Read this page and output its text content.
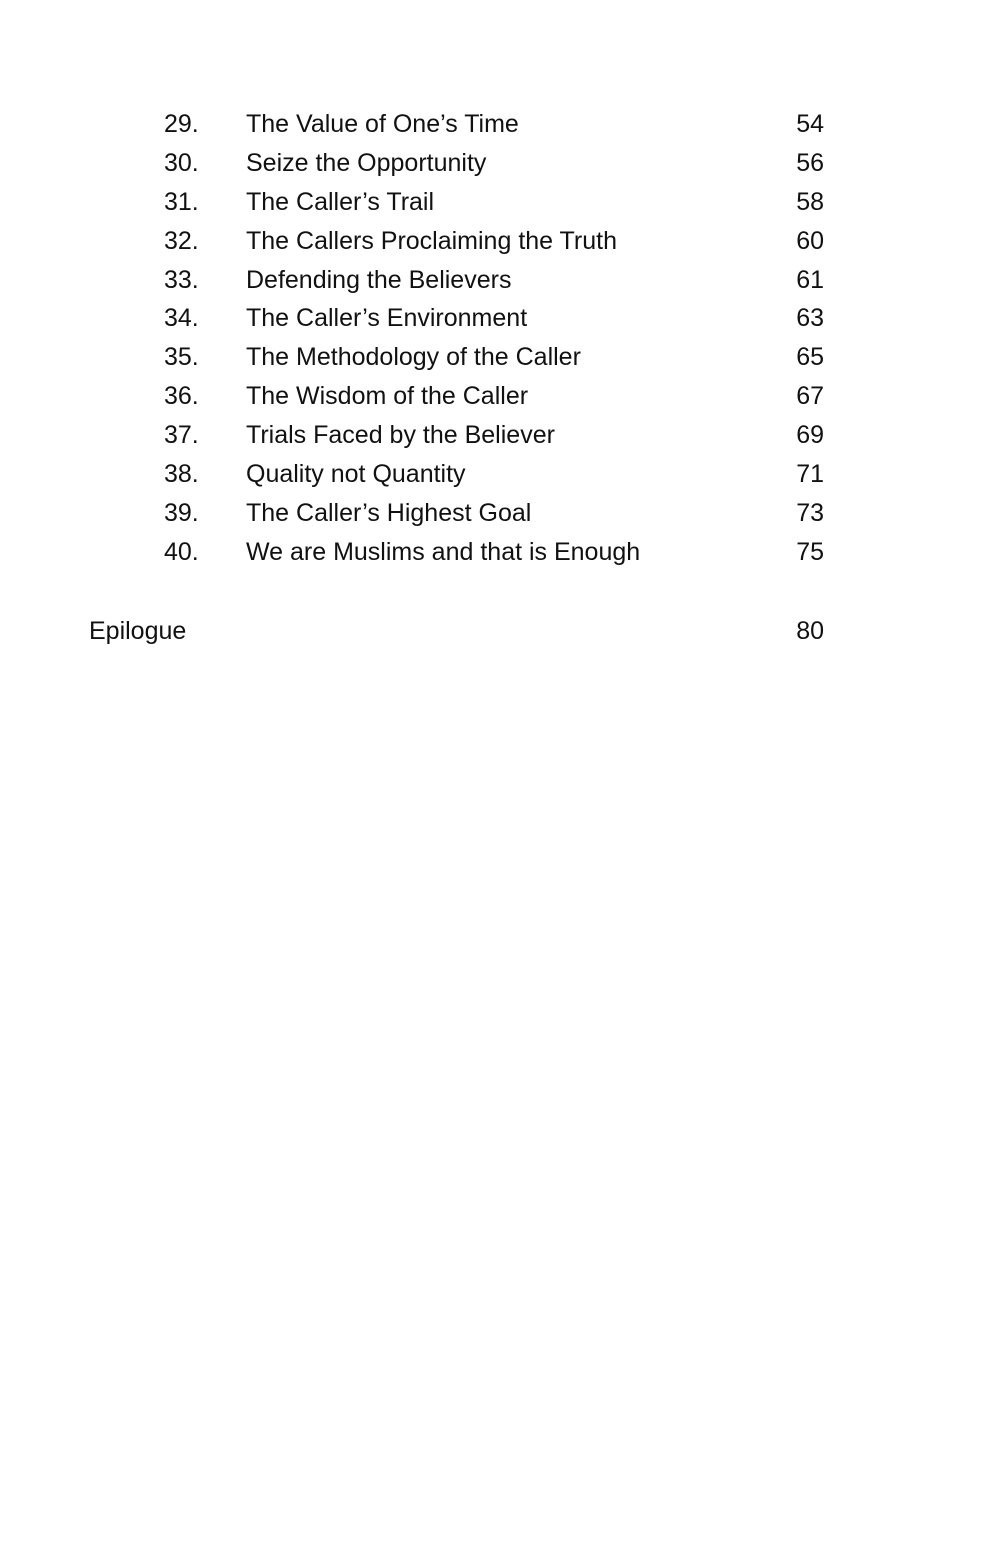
29.	The Value of One’s Time	54
30.	Seize the Opportunity	56
31.	The Caller’s Trail	58
32.	The Callers Proclaiming the Truth	60
33.	Defending the Believers	61
34.	The Caller’s Environment	63
35.	The Methodology of the Caller	65
36.	The Wisdom of the Caller	67
37.	Trials Faced by the Believer	69
38.	Quality not Quantity	71
39.	The Caller’s Highest Goal	73
40.	We are Muslims and that is Enough	75
Epilogue	80
